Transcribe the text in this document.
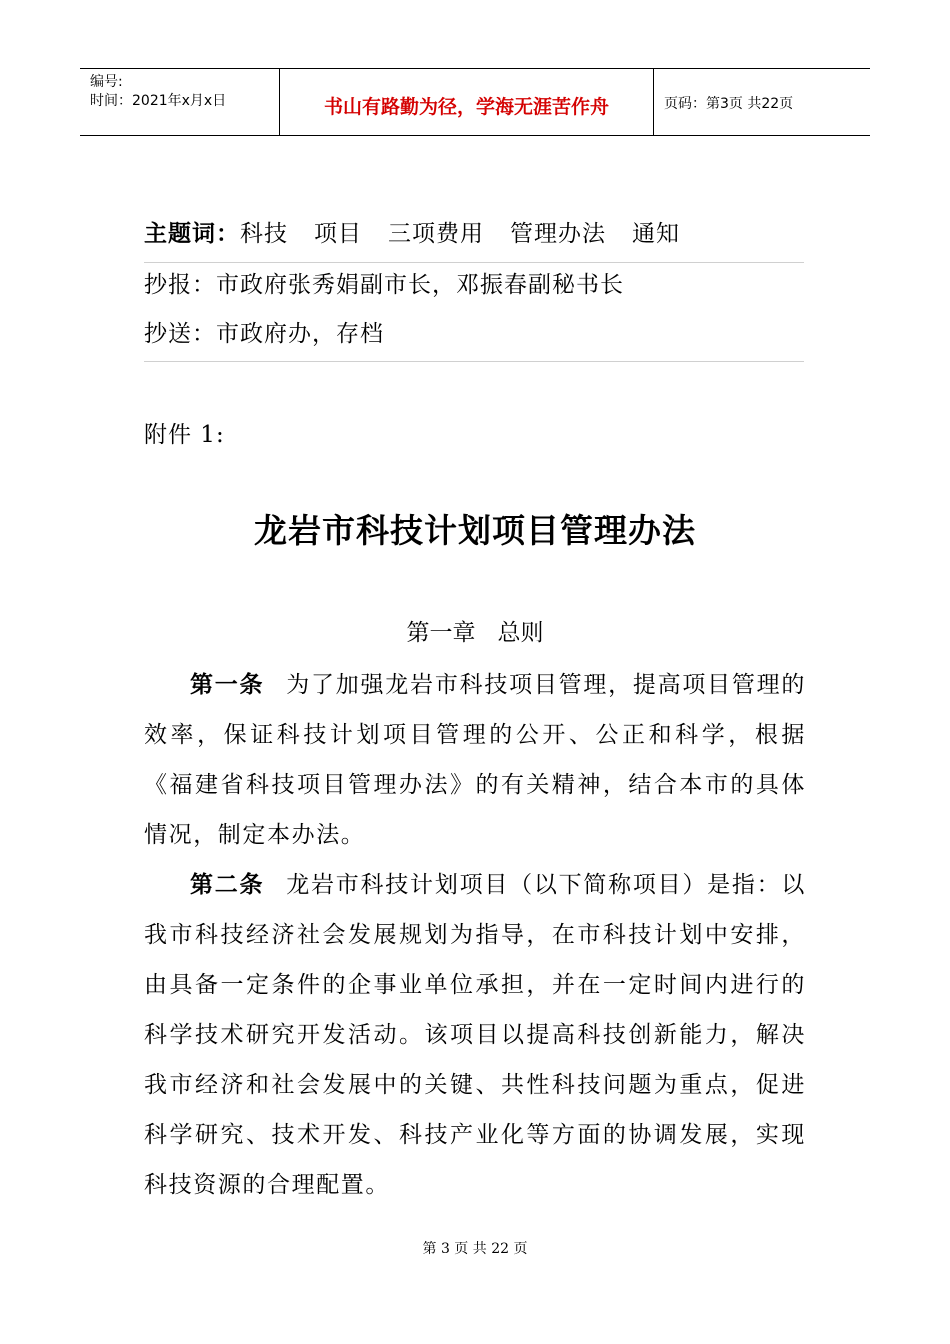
编号:
时间：2021年x月x日	书山有路勤为径，学海无涯苦作舟	页码：第3页 共22页
主题词：科技 项目 三项费用 管理办法 通知
抄报：市政府张秀娟副市长，邓振春副秘书长
抄送：市政府办，存档
附件 1:
龙岩市科技计划项目管理办法
第一章 总则

第一条 为了加强龙岩市科技项目管理，提高项目管理的效率，保证科技计划项目管理的公开、公正和科学，根据《福建省科技项目管理办法》的有关精神，结合本市的具体情况，制定本办法。

第二条 龙岩市科技计划项目（以下简称项目）是指：以我市科技经济社会发展规划为指导，在市科技计划中安排，由具备一定条件的企事业单位承担，并在一定时间内进行的科学技术研究开发活动。该项目以提高科技创新能力，解决我市经济和社会发展中的关键、共性科技问题为重点，促进科学研究、技术开发、科技产业化等方面的协调发展，实现科技资源的合理配置。

第 3 页 共 22 页
